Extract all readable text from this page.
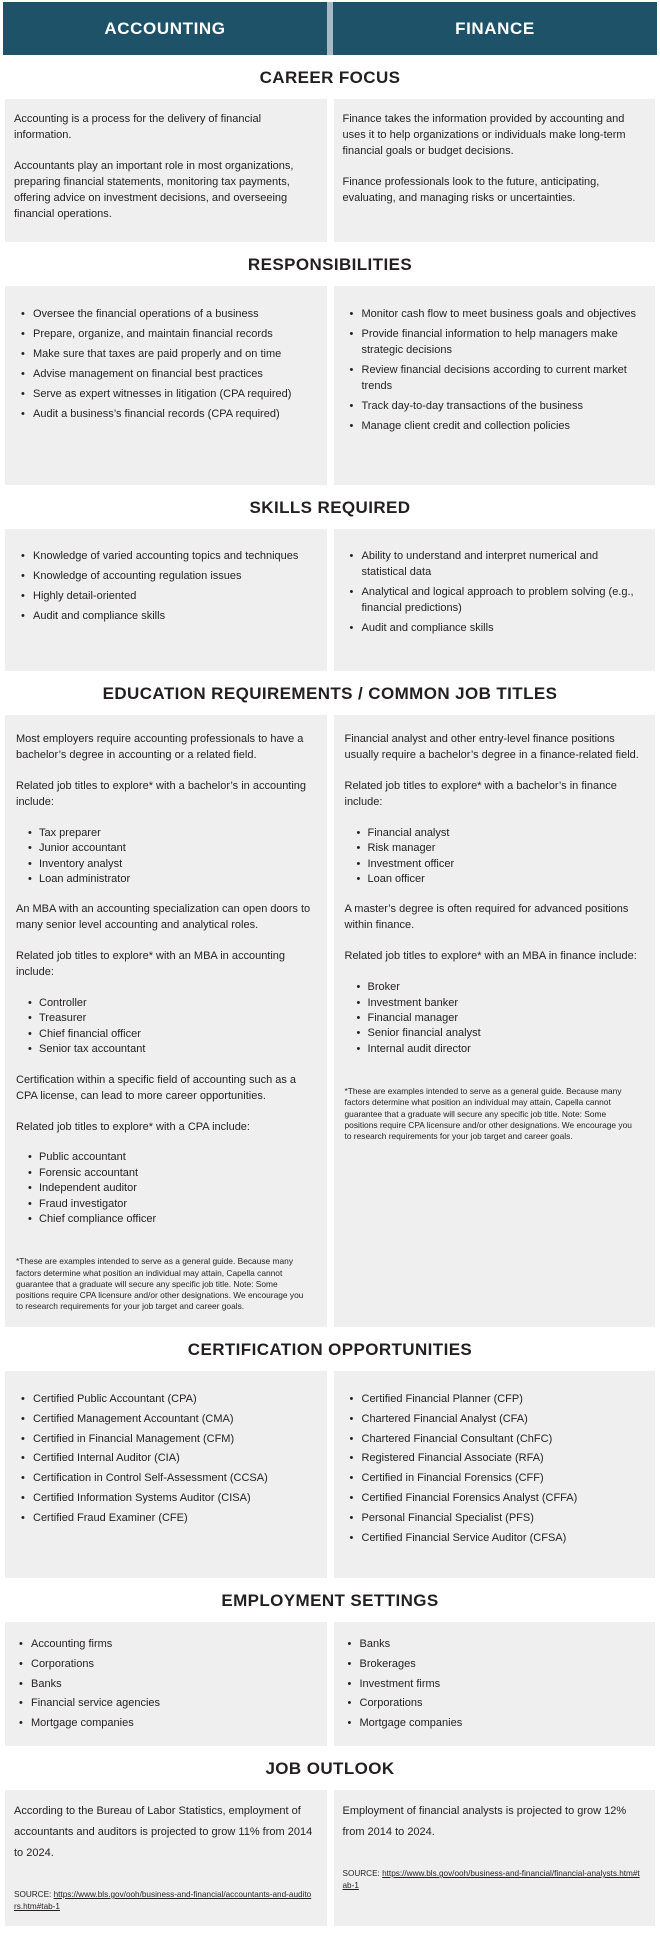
ACCOUNTING	FINANCE
CAREER FOCUS

Accounting is a process for the delivery of financial information.

Accountants play an important role in most organizations, preparing financial statements, monitoring tax payments, offering advice on investment decisions, and overseeing financial operations.

Finance takes the information provided by accounting and uses it to help organizations or individuals make long-term financial goals or budget decisions.

Finance professionals look to the future, anticipating, evaluating, and managing risks or uncertainties.

RESPONSIBILITIES
• Oversee the financial operations of a business
• Prepare, organize, and maintain financial records
• Make sure that taxes are paid properly and on time
• Advise management on financial best practices
• Serve as expert witnesses in litigation (CPA required)
• Audit a business’s financial records (CPA required)
• Monitor cash flow to meet business goals and objectives
• Provide financial information to help managers make strategic decisions
• Review financial decisions according to current market trends
• Track day-to-day transactions of the business
• Manage client credit and collection policies
SKILLS REQUIRED
• Knowledge of varied accounting topics and techniques
• Knowledge of accounting regulation issues
• Highly detail-oriented
• Audit and compliance skills
• Ability to understand and interpret numerical and statistical data
• Analytical and logical approach to problem solving (e.g., financial predictions)
• Audit and compliance skills
EDUCATION REQUIREMENTS / COMMON JOB TITLES

Most employers require accounting professionals to have a bachelor’s degree in accounting or a related field.

Related job titles to explore* with a bachelor’s in accounting include:

• Tax preparer
• Junior accountant
• Inventory analyst
• Loan administrator

An MBA with an accounting specialization can open doors to many senior level accounting and analytical roles.

Related job titles to explore* with an MBA in accounting include:

• Controller
• Treasurer
• Chief financial officer
• Senior tax accountant

Certification within a specific field of accounting such as a CPA license, can lead to more career opportunities.

Related job titles to explore* with a CPA include:

• Public accountant
• Forensic accountant
• Independent auditor
• Fraud investigator
• Chief compliance officer

*These are examples intended to serve as a general guide. Because many factors determine what position an individual may attain, Capella cannot guarantee that a graduate will secure any specific job title. Note: Some positions require CPA licensure and/or other designations. We encourage you to research requirements for your job target and career goals.

Financial analyst and other entry-level finance positions usually require a bachelor’s degree in a finance-related field.

Related job titles to explore* with a bachelor’s in finance include:

• Financial analyst
• Risk manager
• Investment officer
• Loan officer

A master’s degree is often required for advanced positions within finance.

Related job titles to explore* with an MBA in finance include:

• Broker
• Investment banker
• Financial manager
• Senior financial analyst
• Internal audit director

*These are examples intended to serve as a general guide. Because many factors determine what position an individual may attain, Capella cannot guarantee that a graduate will secure any specific job title. Note: Some positions require CPA licensure and/or other designations. We encourage you to research requirements for your job target and career goals.

CERTIFICATION OPPORTUNITIES
• Certified Public Accountant (CPA)
• Certified Management Accountant (CMA)
• Certified in Financial Management (CFM)
• Certified Internal Auditor (CIA)
• Certification in Control Self-Assessment (CCSA)
• Certified Information Systems Auditor (CISA)
• Certified Fraud Examiner (CFE)
• Certified Financial Planner (CFP)
• Chartered Financial Analyst (CFA)
• Chartered Financial Consultant (ChFC)
• Registered Financial Associate (RFA)
• Certified in Financial Forensics (CFF)
• Certified Financial Forensics Analyst (CFFA)
• Personal Financial Specialist (PFS)
• Certified Financial Service Auditor (CFSA)
EMPLOYMENT SETTINGS
• Accounting firms
• Corporations
• Banks
• Financial service agencies
• Mortgage companies
• Banks
• Brokerages
• Investment firms
• Corporations
• Mortgage companies
JOB OUTLOOK

According to the Bureau of Labor Statistics, employment of accountants and auditors is projected to grow 11% from 2014 to 2024.

SOURCE: https://www.bls.gov/ooh/business-and-financial/accountants-and-auditors.htm#tab-1

Employment of financial analysts is projected to grow 12% from 2014 to 2024.

SOURCE: https://www.bls.gov/ooh/business-and-financial/financial-analysts.htm#tab-1
